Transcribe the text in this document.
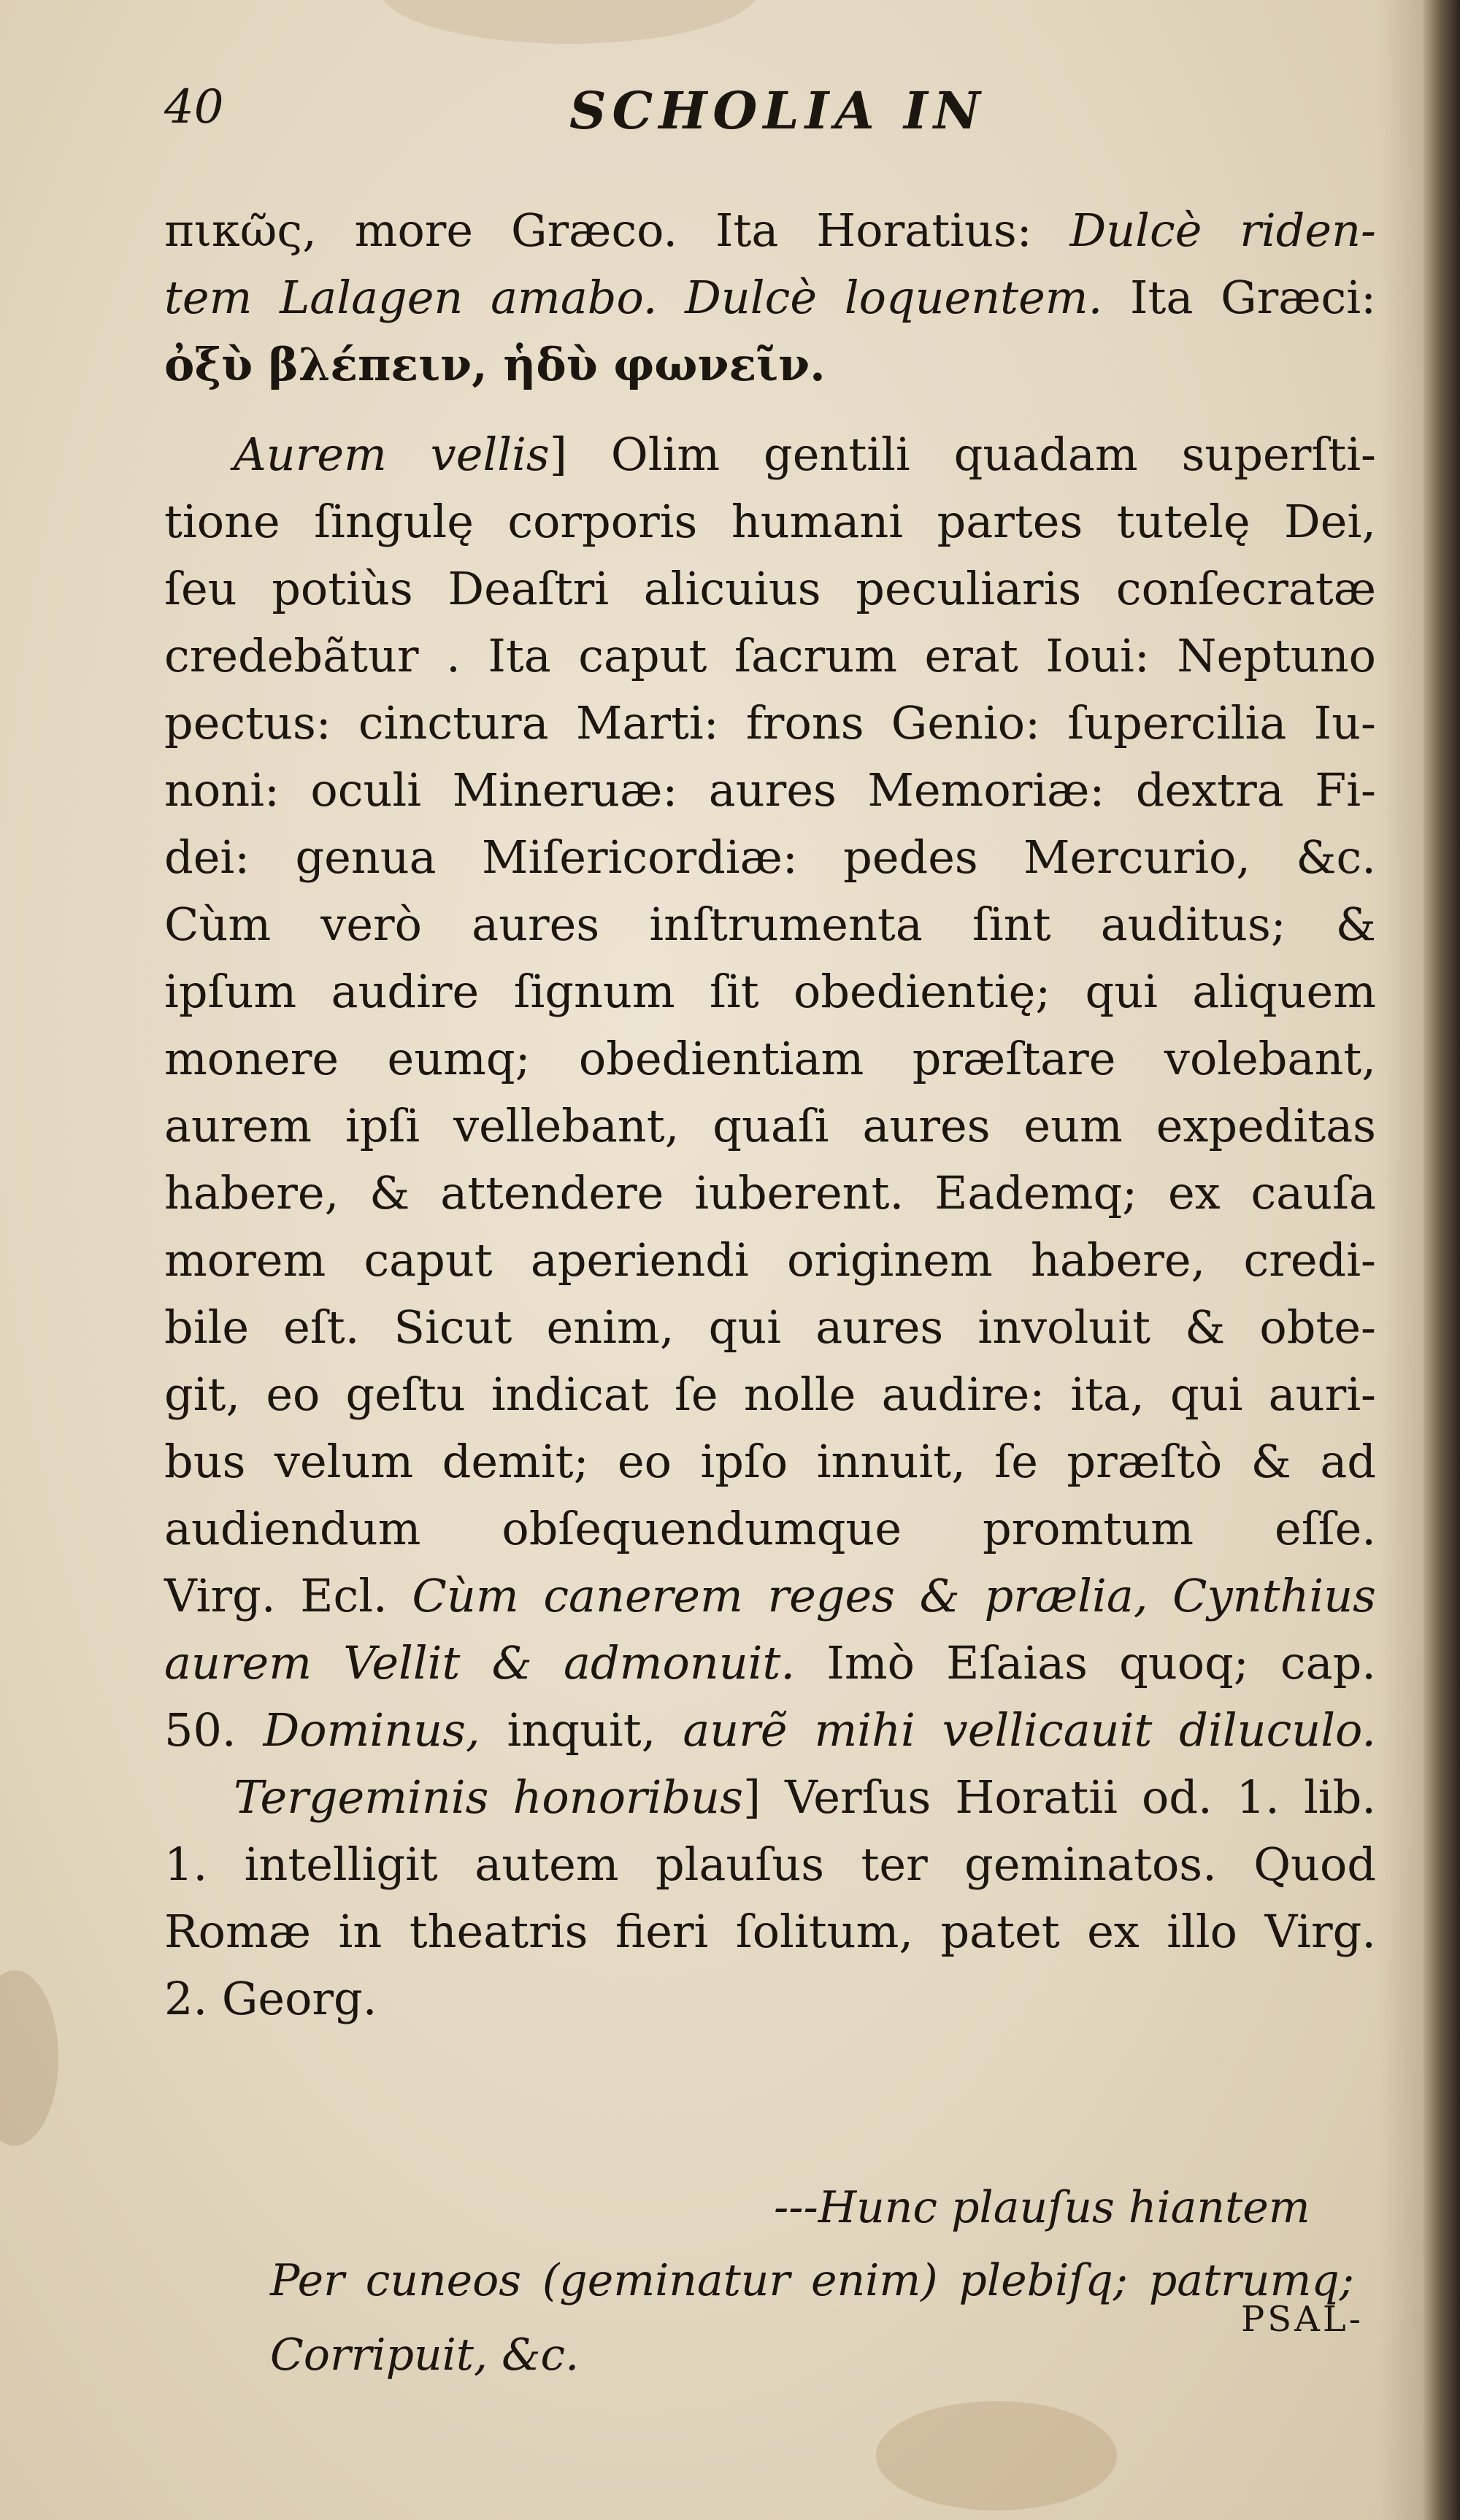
40	SCHOLIA IN

πικῶς, more Græco. Ita Horatius: Dulcè riden-

tem Lalagen amabo. Dulcè loquentem. Ita Græci:

ὀξὺ βλέπειν, ἡδὺ φωνεῖν.

Aurem vellis] Olim gentili quadam superſti-

tione ſingulę corporis humani partes tutelę Dei,

ſeu potiùs Deaſtri alicuius peculiaris conſecratæ

credebãtur . Ita caput ſacrum erat Ioui: Neptuno

pectus: cinctura Marti: frons Genio: ſupercilia Iu-

noni: oculi Mineruæ: aures Memoriæ: dextra Fi-

dei: genua Miſericordiæ: pedes Mercurio, &c.

Cùm verò aures inſtrumenta ſint auditus; &

ipſum audire ſignum ſit obedientię; qui aliquem

monere eumq; obedientiam præſtare volebant,

aurem ipſi vellebant, quaſi aures eum expeditas

habere, & attendere iuberent. Eademq; ex cauſa

morem caput aperiendi originem habere, credi-

bile eſt. Sicut enim, qui aures involuit & obte-

git, eo geſtu indicat ſe nolle audire: ita, qui auri-

bus velum demit; eo ipſo innuit, ſe præſtò & ad

audiendum obſequendumque promtum eſſe.

Virg. Ecl. Cùm canerem reges & prælia, Cynthius

aurem Vellit & admonuit. Imò Eſaias quoq; cap.

50. Dominus, inquit, aurẽ mihi vellicauit diluculo.

Tergeminis honoribus] Verſus Horatii od. 1. lib.

1. intelligit autem plauſus ter geminatos. Quod

Romæ in theatris fieri ſolitum, patet ex illo Virg.

2. Georg.

---Hunc plauſus hiantem
Per cuneos (geminatur enim) plebiſq; patrumq;
Corripuit, &c.
PSAL-
